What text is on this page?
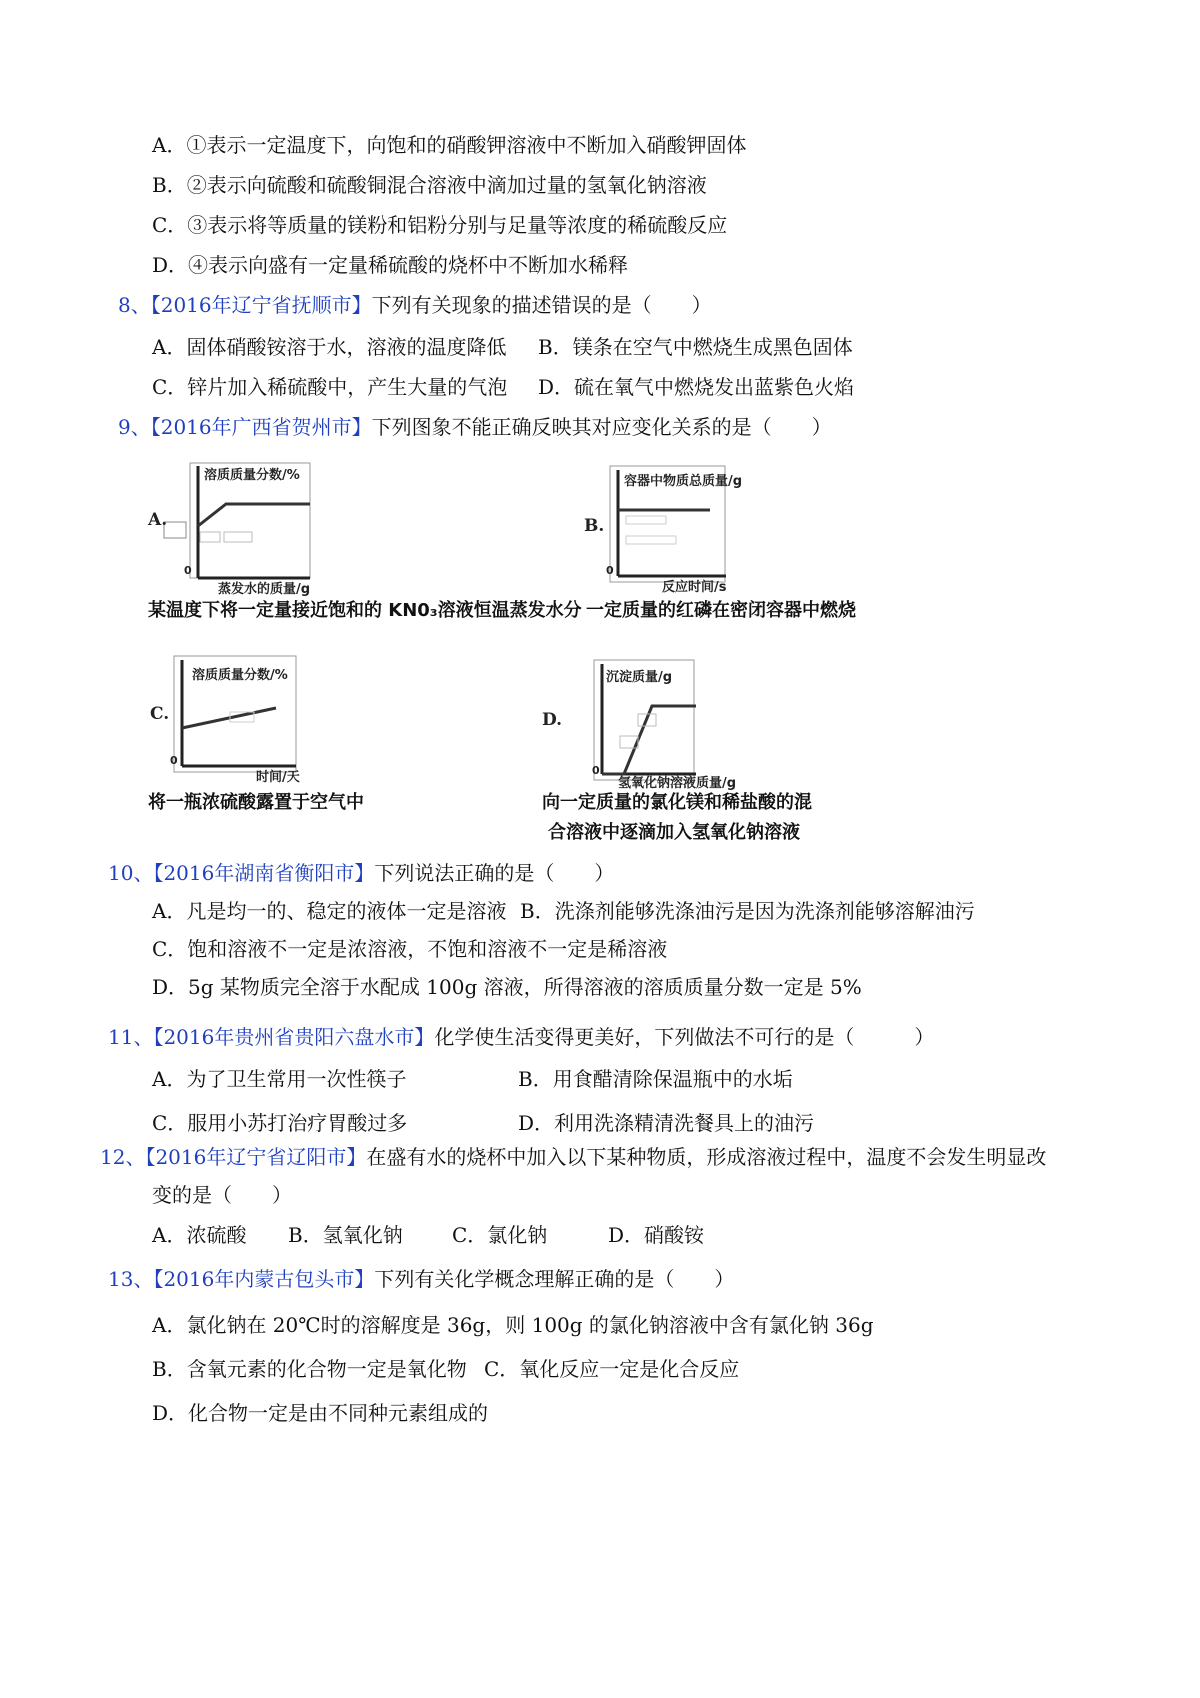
A．①表示一定温度下，向饱和的硝酸钾溶液中不断加入硝酸钾固体
B．②表示向硫酸和硫酸铜混合溶液中滴加过量的氢氧化钠溶液
C．③表示将等质量的镁粉和铝粉分别与足量等浓度的稀硫酸反应
D．④表示向盛有一定量稀硫酸的烧杯中不断加水稀释
8、【2016年辽宁省抚顺市】下列有关现象的描述错误的是（　　）
A．固体硝酸铵溶于水，溶液的温度降低 B．镁条在空气中燃烧生成黑色固体
C．锌片加入稀硫酸中，产生大量的气泡 D．硫在氧气中燃烧发出蓝紫色火焰
9、【2016年广西省贺州市】下列图象不能正确反映其对应变化关系的是（　　）
溶质质量分数/%
A.
0
蒸发水的质量/g
某温度下将一定量接近饱和的 KN0₃溶液恒温蒸发水分
容器中物质总质量/g
B.
0
反应时间/s
一定质量的红磷在密闭容器中燃烧
溶质质量分数/%
C.
0
时间/天
将一瓶浓硫酸露置于空气中
沉淀质量/g
D.
0
氢氧化钠溶液质量/g
向一定质量的氯化镁和稀盐酸的混
合溶液中逐滴加入氢氧化钠溶液
10、【2016年湖南省衡阳市】下列说法正确的是（　　）
A．凡是均一的、稳定的液体一定是溶液 B．洗涤剂能够洗涤油污是因为洗涤剂能够溶解油污
C．饱和溶液不一定是浓溶液，不饱和溶液不一定是稀溶液
D．5g 某物质完全溶于水配成 100g 溶液，所得溶液的溶质质量分数一定是 5%
11、【2016年贵州省贵阳六盘水市】化学使生活变得更美好，下列做法不可行的是（　　　）
A．为了卫生常用一次性筷子	B．用食醋清除保温瓶中的水垢
C．服用小苏打治疗胃酸过多	D．利用洗涤精清洗餐具上的油污
12、【2016年辽宁省辽阳市】在盛有水的烧杯中加入以下某种物质，形成溶液过程中，温度不会发生明显改
变的是（　　）
A．浓硫酸 B．氢氧化钠 C．氯化钠	D．硝酸铵
13、【2016年内蒙古包头市】下列有关化学概念理解正确的是（　　）
A．氯化钠在 20℃时的溶解度是 36g，则 100g 的氯化钠溶液中含有氯化钠 36g
B．含氧元素的化合物一定是氧化物 C．氧化反应一定是化合反应
D．化合物一定是由不同种元素组成的
